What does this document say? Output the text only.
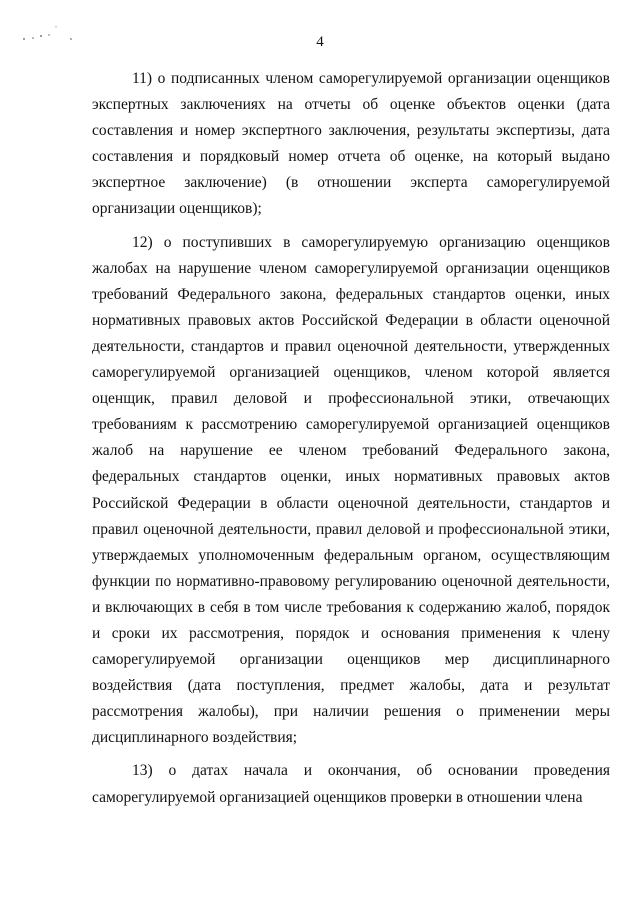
4

11) о подписанных членом саморегулируемой организации оценщиков экспертных заключениях на отчеты об оценке объектов оценки (дата составления и номер экспертного заключения, результаты экспертизы, дата составления и порядковый номер отчета об оценке, на который выдано экспертное заключение) (в отношении эксперта саморегулируемой организации оценщиков);

12) о поступивших в саморегулируемую организацию оценщиков жалобах на нарушение членом саморегулируемой организации оценщиков требований Федерального закона, федеральных стандартов оценки, иных нормативных правовых актов Российской Федерации в области оценочной деятельности, стандартов и правил оценочной деятельности, утвержденных саморегулируемой организацией оценщиков, членом которой является оценщик, правил деловой и профессиональной этики, отвечающих требованиям к рассмотрению саморегулируемой организацией оценщиков жалоб на нарушение ее членом требований Федерального закона, федеральных стандартов оценки, иных нормативных правовых актов Российской Федерации в области оценочной деятельности, стандартов и правил оценочной деятельности, правил деловой и профессиональной этики, утверждаемых уполномоченным федеральным органом, осуществляющим функции по нормативно-правовому регулированию оценочной деятельности, и включающих в себя в том числе требования к содержанию жалоб, порядок и сроки их рассмотрения, порядок и основания применения к члену саморегулируемой организации оценщиков мер дисциплинарного воздействия (дата поступления, предмет жалобы, дата и результат рассмотрения жалобы), при наличии решения о применении меры дисциплинарного воздействия;

13) о датах начала и окончания, об основании проведения саморегулируемой организацией оценщиков проверки в отношении члена
